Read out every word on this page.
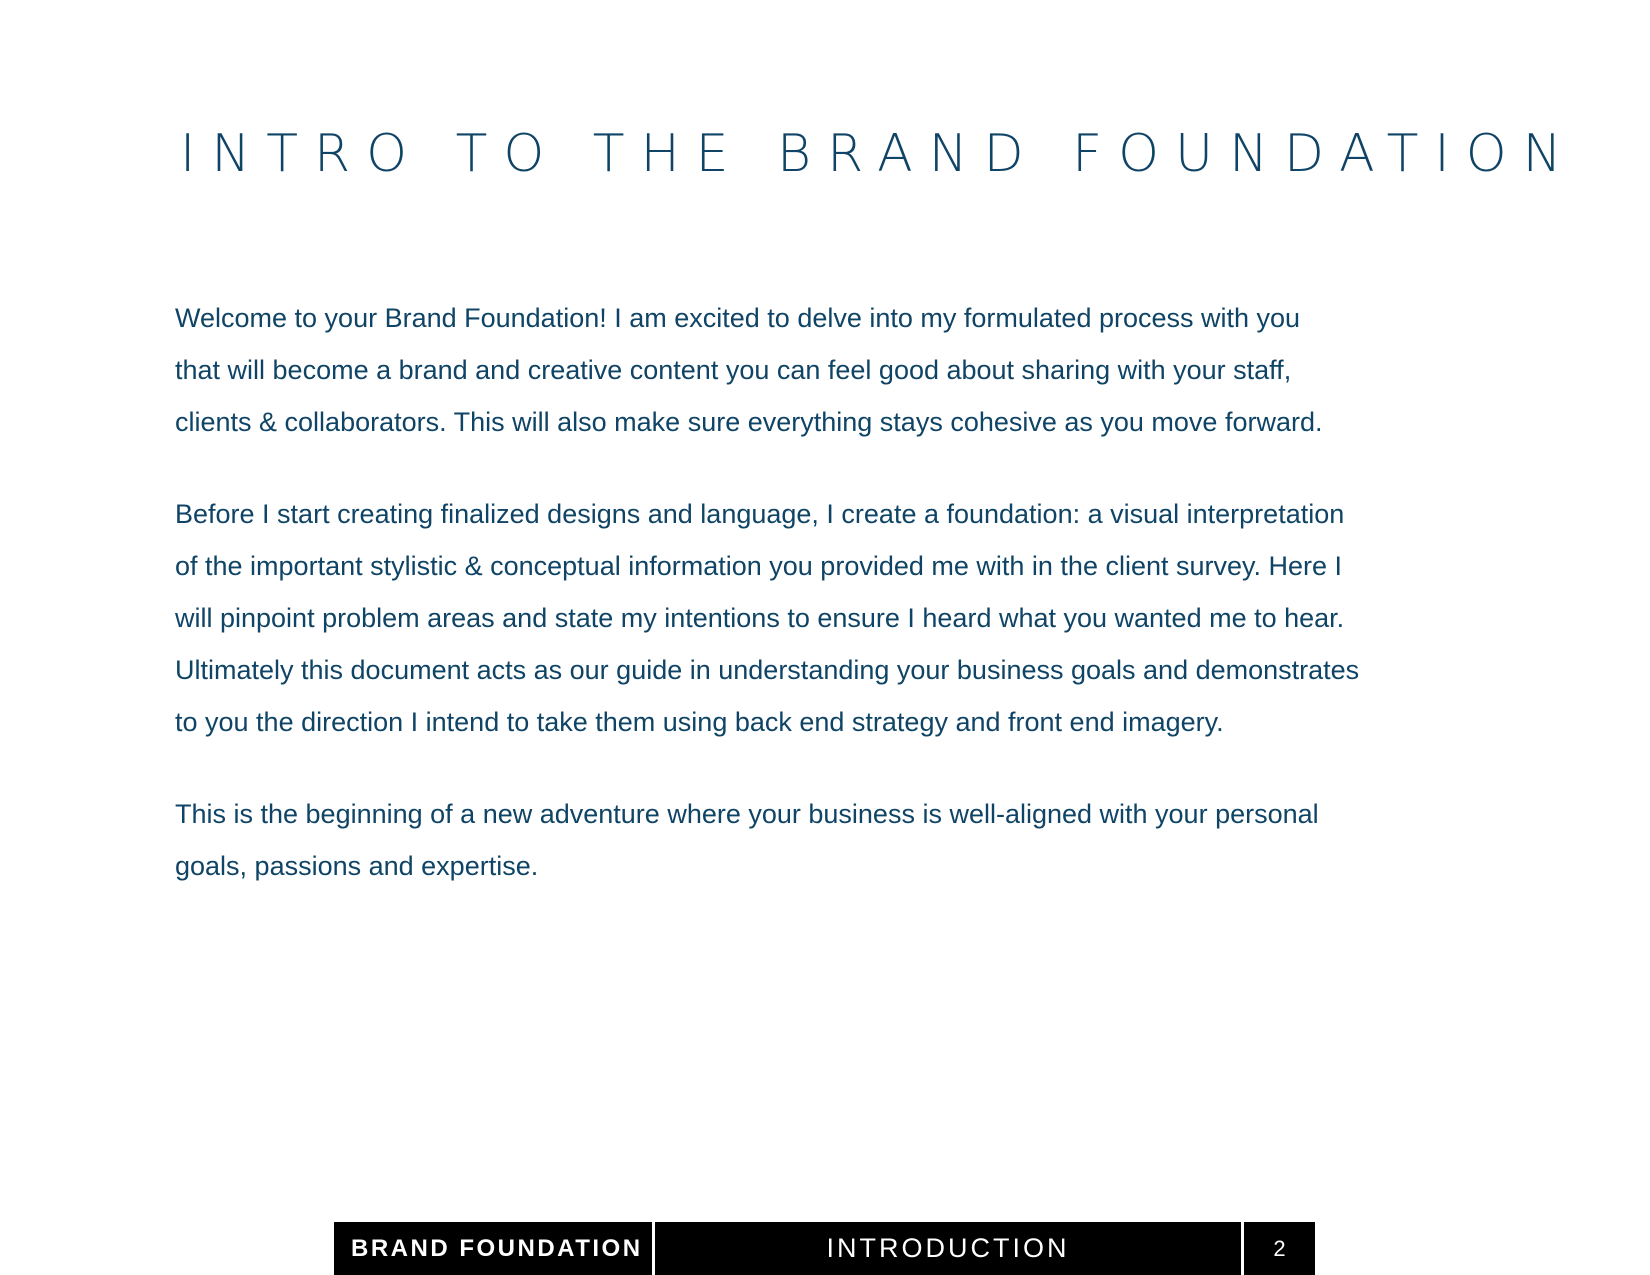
INTRO TO THE BRAND FOUNDATION

Welcome to your Brand Foundation! I am excited to delve into my formulated process with you
that will become a brand and creative content you can feel good about sharing with your staff,
clients & collaborators. This will also make sure everything stays cohesive as you move forward.

Before I start creating finalized designs and language, I create a foundation: a visual interpretation
of the important stylistic & conceptual information you provided me with in the client survey. Here I
will pinpoint problem areas and state my intentions to ensure I heard what you wanted me to hear.
Ultimately this document acts as our guide in understanding your business goals and demonstrates
to you the direction I intend to take them using back end strategy and front end imagery.

This is the beginning of a new adventure where your business is well-aligned with your personal
goals, passions and expertise.

BRAND FOUNDATION	INTRODUCTION	2
